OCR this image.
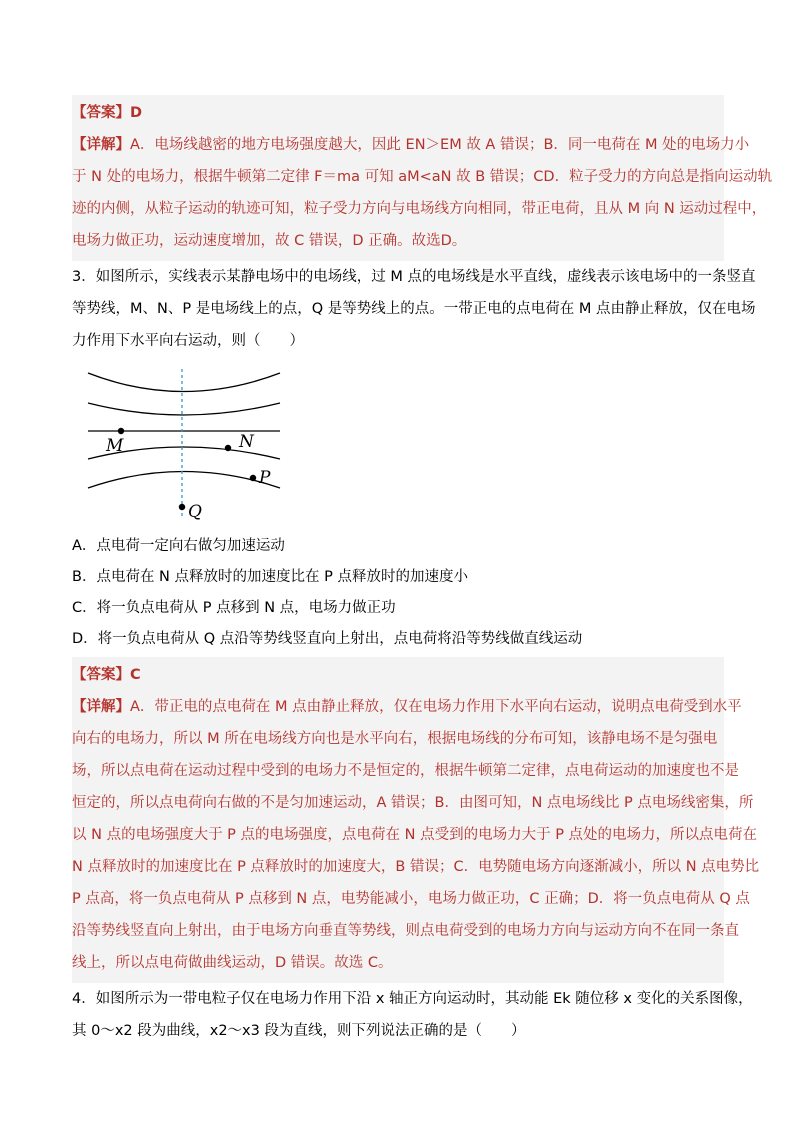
【答案】D
【详解】A．电场线越密的地方电场强度越大，因此 EN＞EM 故 A 错误；B．同一电荷在 M 处的电场力小
于 N 处的电场力，根据牛顿第二定律 F＝ma 可知 aM<aN 故 B 错误；CD．粒子受力的方向总是指向运动轨
迹的内侧，从粒子运动的轨迹可知，粒子受力方向与电场线方向相同，带正电荷，且从 M 向 N 运动过程中，
电场力做正功，运动速度增加，故 C 错误，D 正确。故选D。
3．如图所示，实线表示某静电场中的电场线，过 M 点的电场线是水平直线，虚线表示该电场中的一条竖直
等势线，M、N、P 是电场线上的点，Q 是等势线上的点。一带正电的点电荷在 M 点由静止释放，仅在电场
力作用下水平向右运动，则（　　）
M	N
P
Q
A．点电荷一定向右做匀加速运动
B．点电荷在 N 点释放时的加速度比在 P 点释放时的加速度小
C．将一负点电荷从 P 点移到 N 点，电场力做正功
D．将一负点电荷从 Q 点沿等势线竖直向上射出，点电荷将沿等势线做直线运动
【答案】C
【详解】A．带正电的点电荷在 M 点由静止释放，仅在电场力作用下水平向右运动，说明点电荷受到水平
向右的电场力，所以 M 所在电场线方向也是水平向右，根据电场线的分布可知，该静电场不是匀强电
场，所以点电荷在运动过程中受到的电场力不是恒定的，根据牛顿第二定律，点电荷运动的加速度也不是
恒定的，所以点电荷向右做的不是匀加速运动，A 错误；B．由图可知，N 点电场线比 P 点电场线密集，所
以 N 点的电场强度大于 P 点的电场强度，点电荷在 N 点受到的电场力大于 P 点处的电场力，所以点电荷在
N 点释放时的加速度比在 P 点释放时的加速度大，B 错误；C．电势随电场方向逐渐减小，所以 N 点电势比
P 点高，将一负点电荷从 P 点移到 N 点，电势能减小，电场力做正功，C 正确；D．将一负点电荷从 Q 点
沿等势线竖直向上射出，由于电场方向垂直等势线，则点电荷受到的电场力方向与运动方向不在同一条直
线上，所以点电荷做曲线运动，D 错误。故选 C。
4．如图所示为一带电粒子仅在电场力作用下沿 x 轴正方向运动时，其动能 Ek 随位移 x 变化的关系图像，
其 0～x2 段为曲线，x2～x3 段为直线，则下列说法正确的是（　　）
